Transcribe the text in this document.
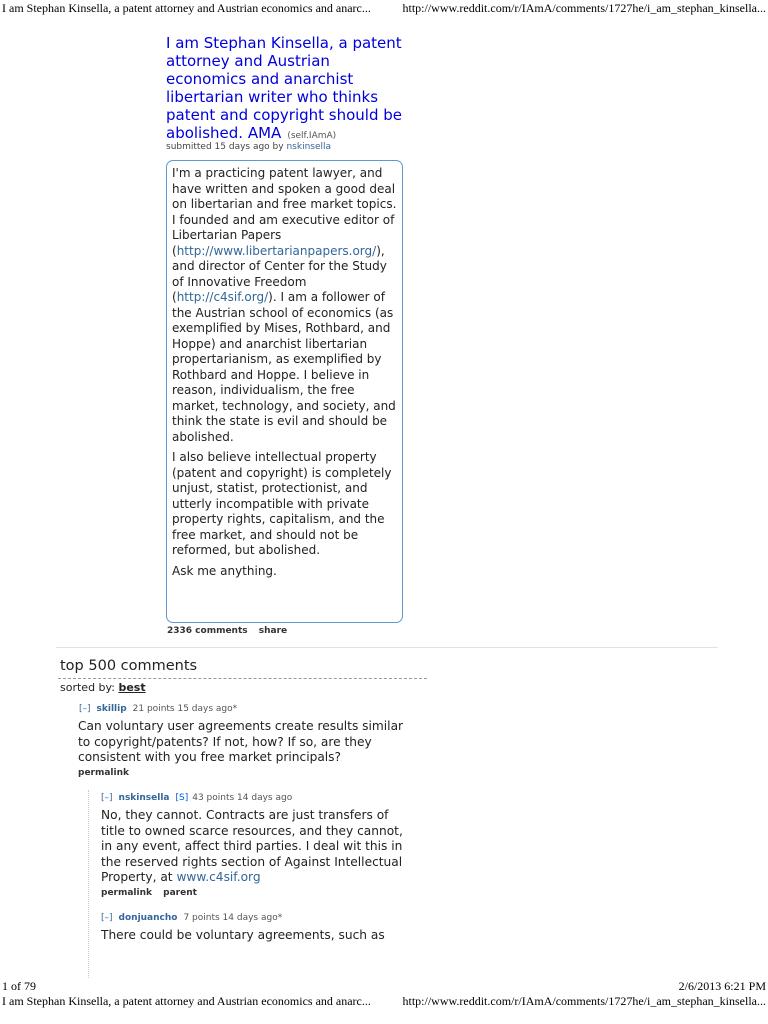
I am Stephan Kinsella, a patent attorney and Austrian economics and anarc...	http://www.reddit.com/r/IAmA/comments/1727he/i_am_stephan_kinsella...
I am Stephan Kinsella, a patent attorney and Austrian economics and anarchist libertarian writer who thinks patent and copyright should be abolished. AMA (self.IAmA)
submitted 15 days ago by nskinsella

I'm a practicing patent lawyer, and have written and spoken a good deal on libertarian and free market topics. I founded and am executive editor of Libertarian Papers (http://www.libertarianpapers.org/), and director of Center for the Study of Innovative Freedom (http://c4sif.org/). I am a follower of the Austrian school of economics (as exemplified by Mises, Rothbard, and Hoppe) and anarchist libertarian propertarianism, as exemplified by Rothbard and Hoppe. I believe in reason, individualism, the free market, technology, and society, and think the state is evil and should be abolished.

I also believe intellectual property (patent and copyright) is completely unjust, statist, protectionist, and utterly incompatible with private property rights, capitalism, and the free market, and should not be reformed, but abolished.

Ask me anything.

2336 comments share
top 500 comments
sorted by: best
[–] skillip 21 points 15 days ago*
Can voluntary user agreements create results similar to copyright/patents? If not, how? If so, are they consistent with you free market principals?
permalink
[–] nskinsella [S] 43 points 14 days ago
No, they cannot. Contracts are just transfers of title to owned scarce resources, and they cannot, in any event, affect third parties. I deal wit this in the reserved rights section of Against Intellectual Property, at www.c4sif.org
permalink parent
[–] donjuancho 7 points 14 days ago*
There could be voluntary agreements, such as
1 of 79	2/6/2013 6:21 PM
I am Stephan Kinsella, a patent attorney and Austrian economics and anarc...	http://www.reddit.com/r/IAmA/comments/1727he/i_am_stephan_kinsella...
